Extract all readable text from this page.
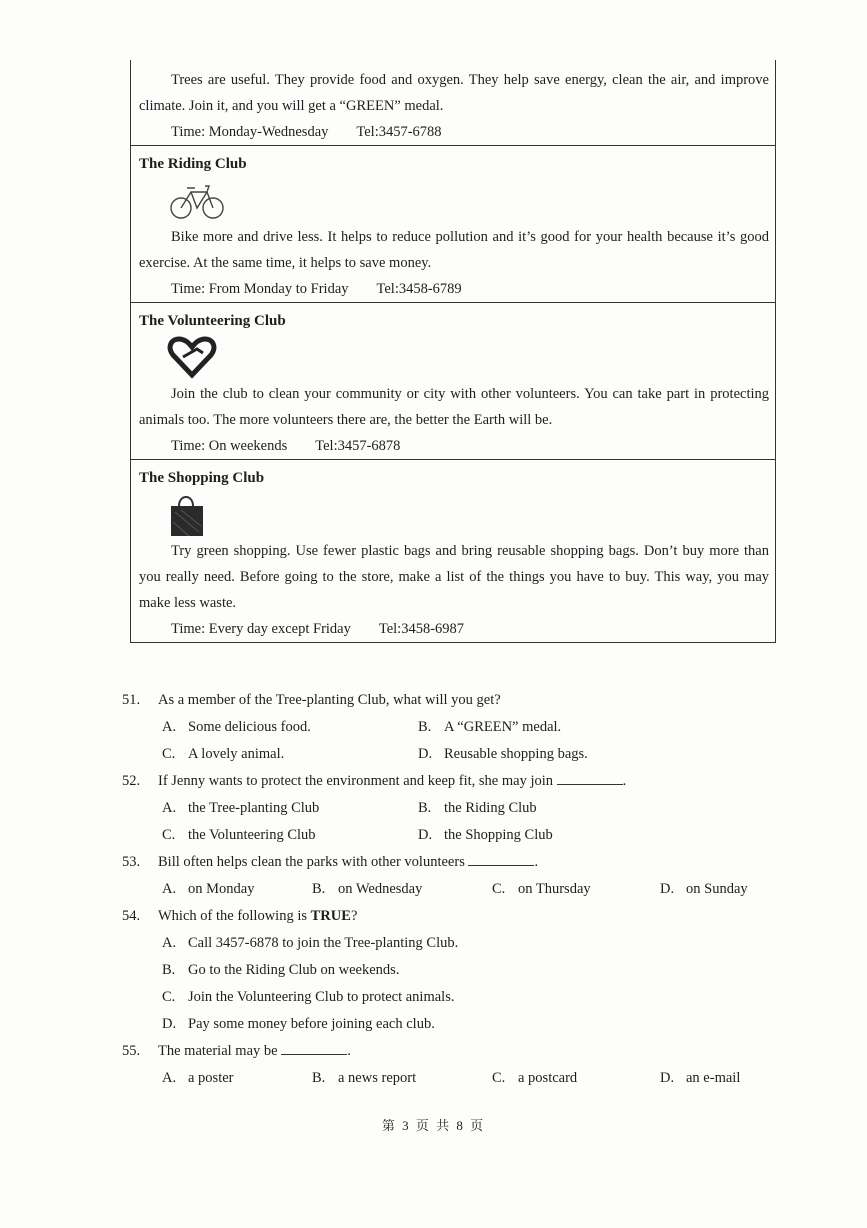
Trees are useful. They provide food and oxygen. They help save energy, clean the air, and improve climate. Join it, and you will get a “GREEN” medal.

Time: Monday-Wednesday Tel:3457-6788
The Riding Club

Bike more and drive less. It helps to reduce pollution and it’s good for your health because it’s good exercise. At the same time, it helps to save money.

Time: From Monday to Friday Tel:3458-6789
The Volunteering Club

Join the club to clean your community or city with other volunteers. You can take part in protecting animals too. The more volunteers there are, the better the Earth will be.

Time: On weekends Tel:3457-6878
The Shopping Club

Try green shopping. Use fewer plastic bags and bring reusable shopping bags. Don’t buy more than you really need. Before going to the store, make a list of the things you have to buy. This way, you may make less waste.

Time: Every day except Friday Tel:3458-6987
51. As a member of the Tree-planting Club, what will you get?
A. Some delicious food.	B. A “GREEN” medal.
C. A lovely animal.	D. Reusable shopping bags.
52. If Jenny wants to protect the environment and keep fit, she may join	.
A. the Tree-planting Club	B. the Riding Club
C. the Volunteering Club	D. the Shopping Club
53. Bill often helps clean the parks with other volunteers	.
A. on Monday	B. on Wednesday	C. on Thursday	D. on Sunday
54. Which of the following is TRUE?
A. Call 3457-6878 to join the Tree-planting Club.
B. Go to the Riding Club on weekends.
C. Join the Volunteering Club to protect animals.
D. Pay some money before joining each club.
55. The material may be	.
A. a poster	B. a news report	C. a postcard	D. an e-mail
第 3 页 共 8 页
